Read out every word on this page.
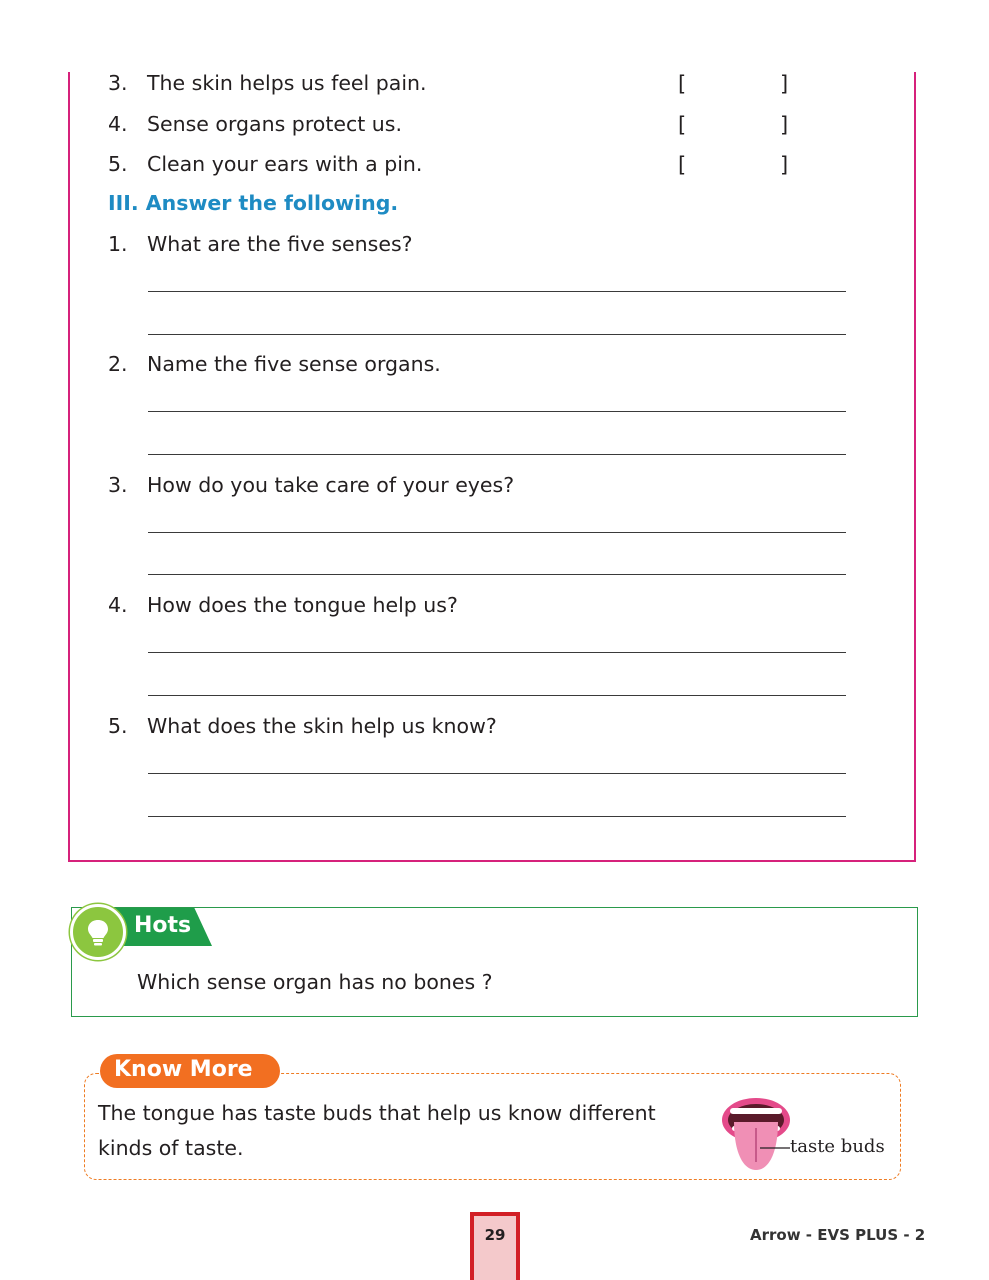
3. The skin helps us feel pain.	[	]
4. Sense organs protect us.	[	]
5. Clean your ears with a pin.	[	]
III. Answer the following.
1. What are the five senses?
2. Name the five sense organs.
3. How do you take care of your eyes?
4. How does the tongue help us?
5. What does the skin help us know?
Hots
Which sense organ has no bones ?
Know More
The tongue has taste buds that help us know different
kinds of taste.	taste buds
29	Arrow - EVS PLUS - 2
